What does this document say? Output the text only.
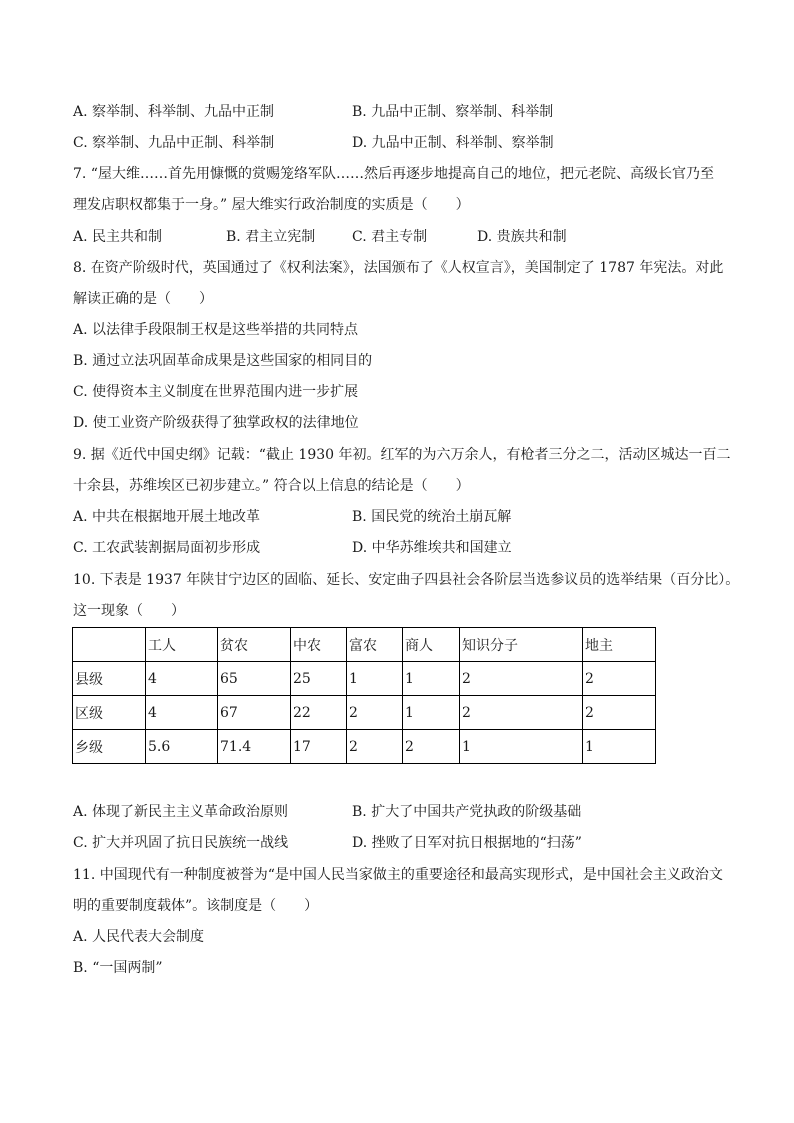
A. 察举制、科举制、九品中正制	B. 九品中正制、察举制、科举制
C. 察举制、九品中正制、科举制	D. 九品中正制、科举制、察举制
7. “屋大维……首先用慷慨的赏赐笼络军队……然后再逐步地提高自己的地位，把元老院、高级长官乃至
理发店职权都集于一身。” 屋大维实行政治制度的实质是（　　）
A. 民主共和制	B. 君主立宪制	C. 君主专制	D. 贵族共和制
8. 在资产阶级时代，英国通过了《权利法案》，法国颁布了《人权宣言》，美国制定了 1787 年宪法。对此
解读正确的是（　　）
A. 以法律手段限制王权是这些举措的共同特点
B. 通过立法巩固革命成果是这些国家的相同目的
C. 使得资本主义制度在世界范围内进一步扩展
D. 使工业资产阶级获得了独掌政权的法律地位
9. 据《近代中国史纲》记载：“截止 1930 年初。红军的为六万余人，有枪者三分之二，活动区城达一百二
十余县，苏维埃区已初步建立。” 符合以上信息的结论是（　　）
A. 中共在根据地开展土地改革	B. 国民党的统治土崩瓦解
C. 工农武装割据局面初步形成	D. 中华苏维埃共和国建立
10. 下表是 1937 年陕甘宁边区的固临、延长、安定曲子四县社会各阶层当选参议员的选举结果（百分比）。
这一现象（　　）
	工人	贫农	中农	富农	商人	知识分子	地主
县级	4	65	25	1	1	2	2
区级	4	67	22	2	1	2	2
乡级	5.6	71.4	17	2	2	1	1
A. 体现了新民主主义革命政治原则	B. 扩大了中国共产党执政的阶级基础
C. 扩大并巩固了抗日民族统一战线	D. 挫败了日军对抗日根据地的“扫荡”
11. 中国现代有一种制度被誉为“是中国人民当家做主的重要途径和最高实现形式，是中国社会主义政治文
明的重要制度载体”。该制度是（　　）
A. 人民代表大会制度
B. “一国两制”
